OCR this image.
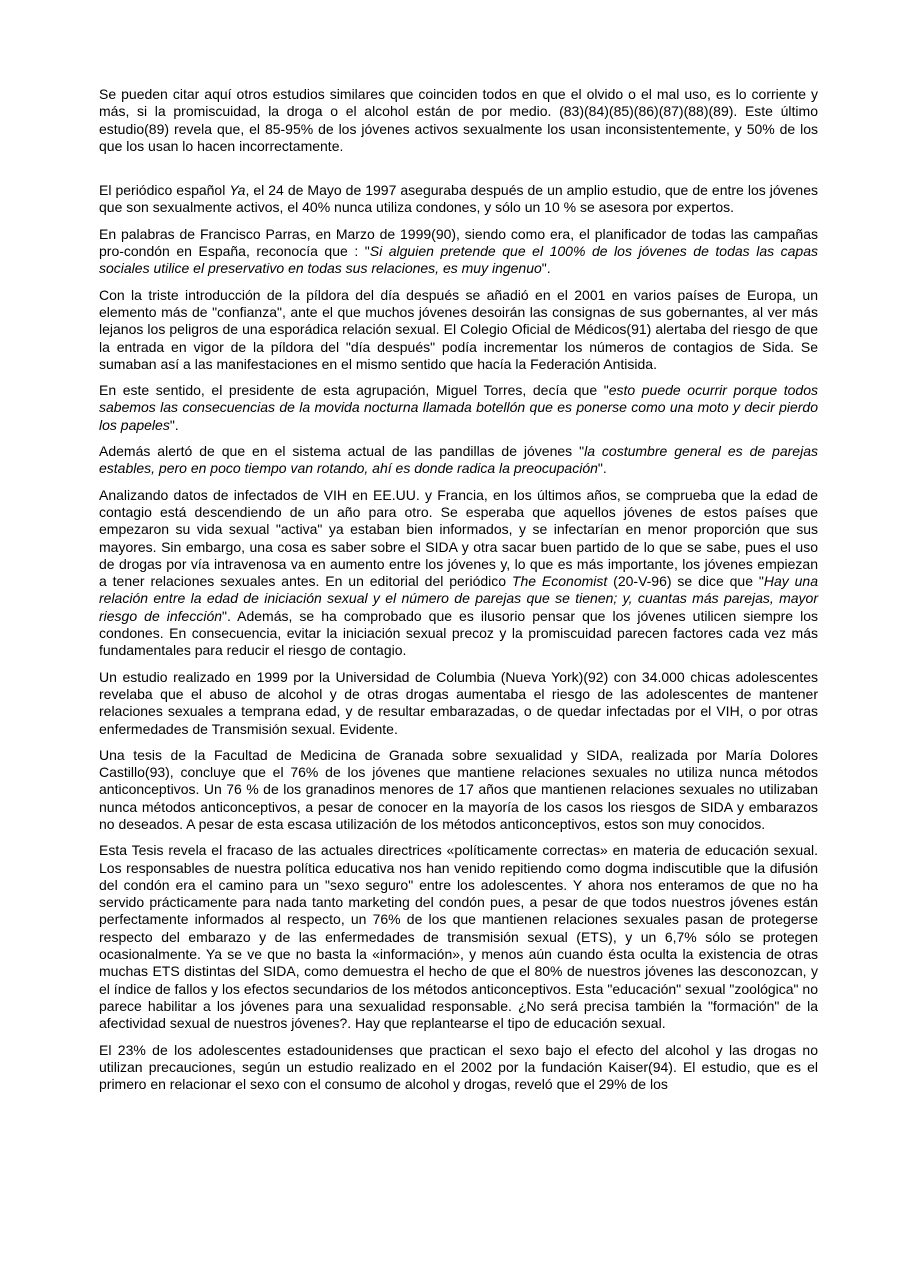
Se pueden citar aquí otros estudios similares que coinciden todos en que el olvido o el mal uso, es lo corriente y más, si la promiscuidad, la droga o el alcohol están de por medio. (83)(84)(85)(86)(87)(88)(89). Este último estudio(89) revela que, el 85-95% de los jóvenes activos sexualmente los usan inconsistentemente, y 50% de los que los usan lo hacen incorrectamente.

El periódico español Ya, el 24 de Mayo de 1997 aseguraba después de un amplio estudio, que de entre los jóvenes que son sexualmente activos, el 40% nunca utiliza condones, y sólo un 10 % se asesora por expertos.

En palabras de Francisco Parras, en Marzo de 1999(90), siendo como era, el planificador de todas las campañas pro-condón en España, reconocía que : "Si alguien pretende que el 100% de los jóvenes de todas las capas sociales utilice el preservativo en todas sus relaciones, es muy ingenuo".

Con la triste introducción de la píldora del día después se añadió en el 2001 en varios países de Europa, un elemento más de "confianza", ante el que muchos jóvenes desoirán las consignas de sus gobernantes, al ver más lejanos los peligros de una esporádica relación sexual. El Colegio Oficial de Médicos(91) alertaba del riesgo de que la entrada en vigor de la píldora del "día después" podía incrementar los números de contagios de Sida. Se sumaban así a las manifestaciones en el mismo sentido que hacía la Federación Antisida.

En este sentido, el presidente de esta agrupación, Miguel Torres, decía que "esto puede ocurrir porque todos sabemos las consecuencias de la movida nocturna llamada botellón que es ponerse como una moto y decir pierdo los papeles".

Además alertó de que en el sistema actual de las pandillas de jóvenes "la costumbre general es de parejas estables, pero en poco tiempo van rotando, ahí es donde radica la preocupación".

Analizando datos de infectados de VIH en EE.UU. y Francia, en los últimos años, se comprueba que la edad de contagio está descendiendo de un año para otro. Se esperaba que aquellos jóvenes de estos países que empezaron su vida sexual "activa" ya estaban bien informados, y se infectarían en menor proporción que sus mayores. Sin embargo, una cosa es saber sobre el SIDA y otra sacar buen partido de lo que se sabe, pues el uso de drogas por vía intravenosa va en aumento entre los jóvenes y, lo que es más importante, los jóvenes empiezan a tener relaciones sexuales antes. En un editorial del periódico The Economist (20-V-96) se dice que "Hay una relación entre la edad de iniciación sexual y el número de parejas que se tienen; y, cuantas más parejas, mayor riesgo de infección". Además, se ha comprobado que es ilusorio pensar que los jóvenes utilicen siempre los condones. En consecuencia, evitar la iniciación sexual precoz y la promiscuidad parecen factores cada vez más fundamentales para reducir el riesgo de contagio.

Un estudio realizado en 1999 por la Universidad de Columbia (Nueva York)(92) con 34.000 chicas adolescentes revelaba que el abuso de alcohol y de otras drogas aumentaba el riesgo de las adolescentes de mantener relaciones sexuales a temprana edad, y de resultar embarazadas, o de quedar infectadas por el VIH, o por otras enfermedades de Transmisión sexual. Evidente.

Una tesis de la Facultad de Medicina de Granada sobre sexualidad y SIDA, realizada por María Dolores Castillo(93), concluye que el 76% de los jóvenes que mantiene relaciones sexuales no utiliza nunca métodos anticonceptivos. Un 76 % de los granadinos menores de 17 años que mantienen relaciones sexuales no utilizaban nunca métodos anticonceptivos, a pesar de conocer en la mayoría de los casos los riesgos de SIDA y embarazos no deseados. A pesar de esta escasa utilización de los métodos anticonceptivos, estos son muy conocidos.

Esta Tesis revela el fracaso de las actuales directrices «políticamente correctas» en materia de educación sexual. Los responsables de nuestra política educativa nos han venido repitiendo como dogma indiscutible que la difusión del condón era el camino para un "sexo seguro" entre los adolescentes. Y ahora nos enteramos de que no ha servido prácticamente para nada tanto marketing del condón pues, a pesar de que todos nuestros jóvenes están perfectamente informados al respecto, un 76% de los que mantienen relaciones sexuales pasan de protegerse respecto del embarazo y de las enfermedades de transmisión sexual (ETS), y un 6,7% sólo se protegen ocasionalmente. Ya se ve que no basta la «información», y menos aún cuando ésta oculta la existencia de otras muchas ETS distintas del SIDA, como demuestra el hecho de que el 80% de nuestros jóvenes las desconozcan, y el índice de fallos y los efectos secundarios de los métodos anticonceptivos. Esta "educación" sexual "zoológica" no parece habilitar a los jóvenes para una sexualidad responsable. ¿No será precisa también la "formación" de la afectividad sexual de nuestros jóvenes?. Hay que replantearse el tipo de educación sexual.

El 23% de los adolescentes estadounidenses que practican el sexo bajo el efecto del alcohol y las drogas no utilizan precauciones, según un estudio realizado en el 2002 por la fundación Kaiser(94). El estudio, que es el primero en relacionar el sexo con el consumo de alcohol y drogas, reveló que el 29% de los
